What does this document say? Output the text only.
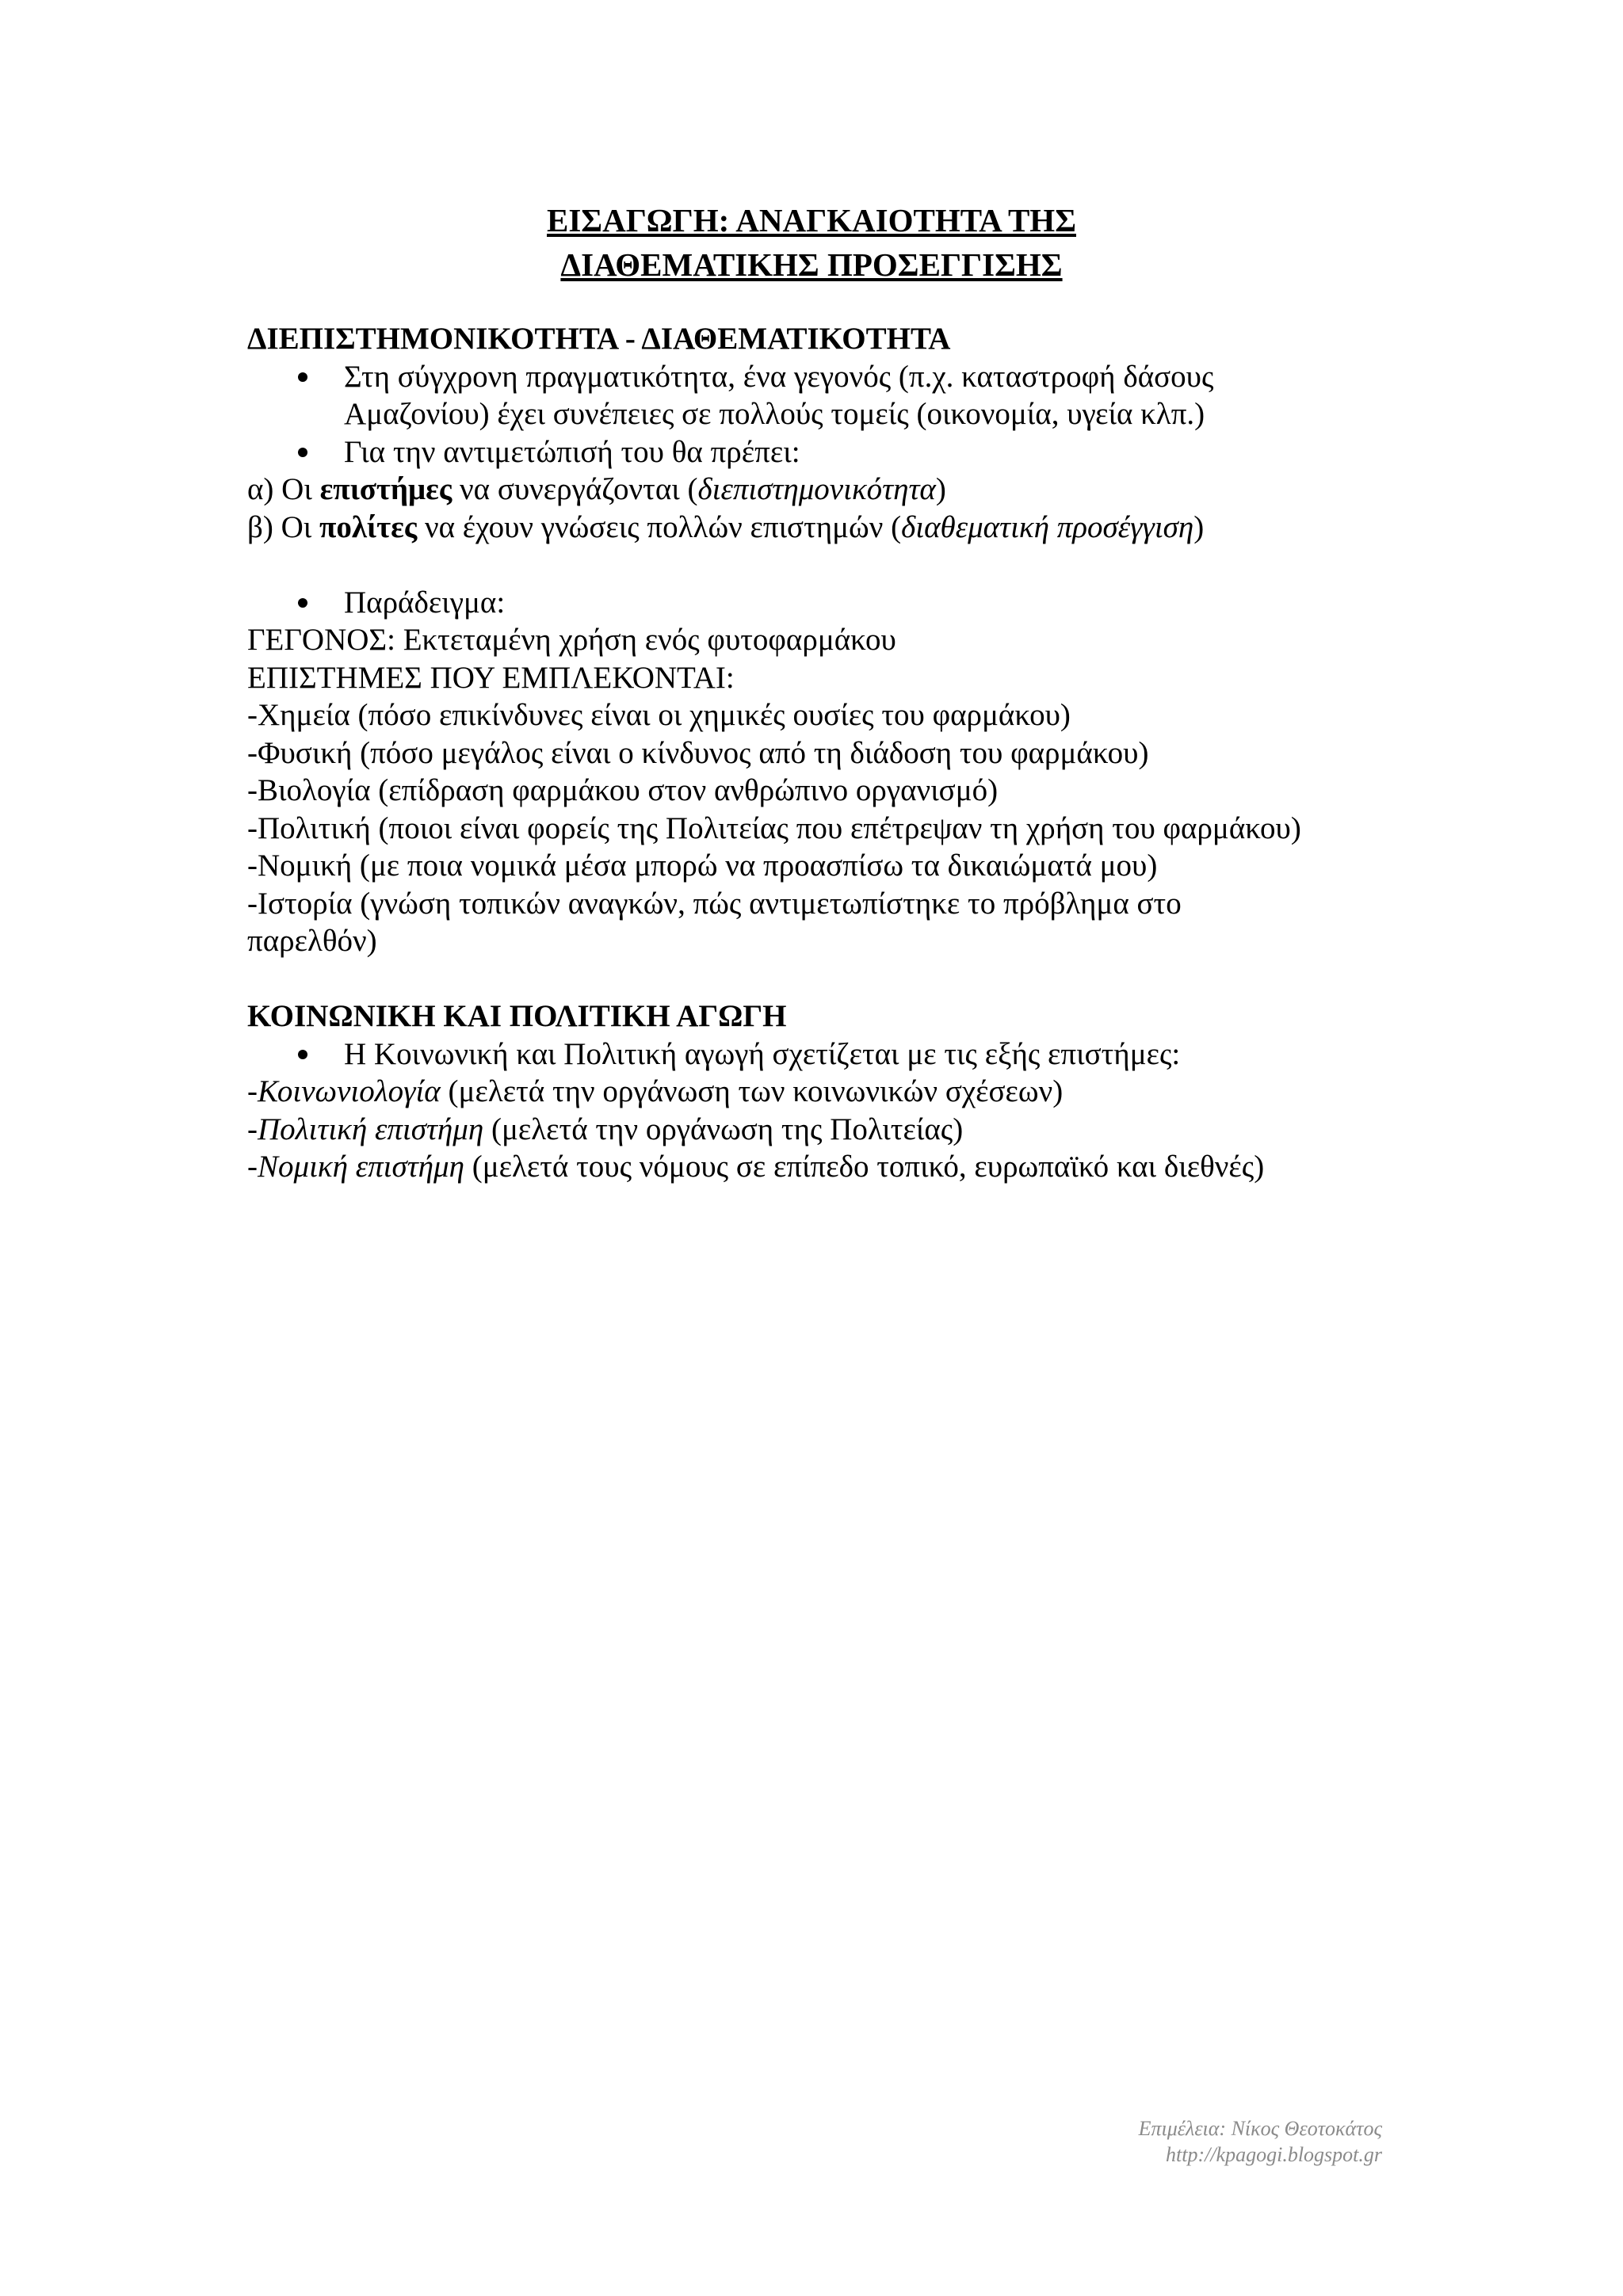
ΕΙΣΑΓΩΓΗ: ΑΝΑΓΚΑΙΟΤΗΤΑ ΤΗΣ
ΔΙΑΘΕΜΑΤΙΚΗΣ ΠΡΟΣΕΓΓΙΣΗΣ
ΔΙΕΠΙΣΤΗΜΟΝΙΚΟΤΗΤΑ - ΔΙΑΘΕΜΑΤΙΚΟΤΗΤΑ
Στη σύγχρονη πραγματικότητα, ένα γεγονός (π.χ. καταστροφή δάσους
Αμαζονίου) έχει συνέπειες σε πολλούς τομείς (οικονομία, υγεία κλπ.)
Για την αντιμετώπισή του θα πρέπει:
α) Οι επιστήμες να συνεργάζονται (διεπιστημονικότητα)
β) Οι πολίτες να έχουν γνώσεις πολλών επιστημών (διαθεματική προσέγγιση)
Παράδειγμα:
ΓΕΓΟΝΟΣ: Εκτεταμένη χρήση ενός φυτοφαρμάκου
ΕΠΙΣΤΗΜΕΣ ΠΟΥ ΕΜΠΛΕΚΟΝΤΑΙ:
-Χημεία (πόσο επικίνδυνες είναι οι χημικές ουσίες του φαρμάκου)
-Φυσική (πόσο μεγάλος είναι ο κίνδυνος από τη διάδοση του φαρμάκου)
-Βιολογία (επίδραση φαρμάκου στον ανθρώπινο οργανισμό)
-Πολιτική (ποιοι είναι φορείς της Πολιτείας που επέτρεψαν τη χρήση του φαρμάκου)
-Νομική (με ποια νομικά μέσα μπορώ να προασπίσω τα δικαιώματά μου)
-Ιστορία (γνώση τοπικών αναγκών, πώς αντιμετωπίστηκε το πρόβλημα στο
παρελθόν)
ΚΟΙΝΩΝΙΚΗ ΚΑΙ ΠΟΛΙΤΙΚΗ ΑΓΩΓΗ
Η Κοινωνική και Πολιτική αγωγή σχετίζεται με τις εξής επιστήμες:
-Κοινωνιολογία (μελετά την οργάνωση των κοινωνικών σχέσεων)
-Πολιτική επιστήμη (μελετά την οργάνωση της Πολιτείας)
-Νομική επιστήμη (μελετά τους νόμους σε επίπεδο τοπικό, ευρωπαϊκό και διεθνές)
Επιμέλεια: Νίκος Θεοτοκάτος
http://kpagogi.blogspot.gr
